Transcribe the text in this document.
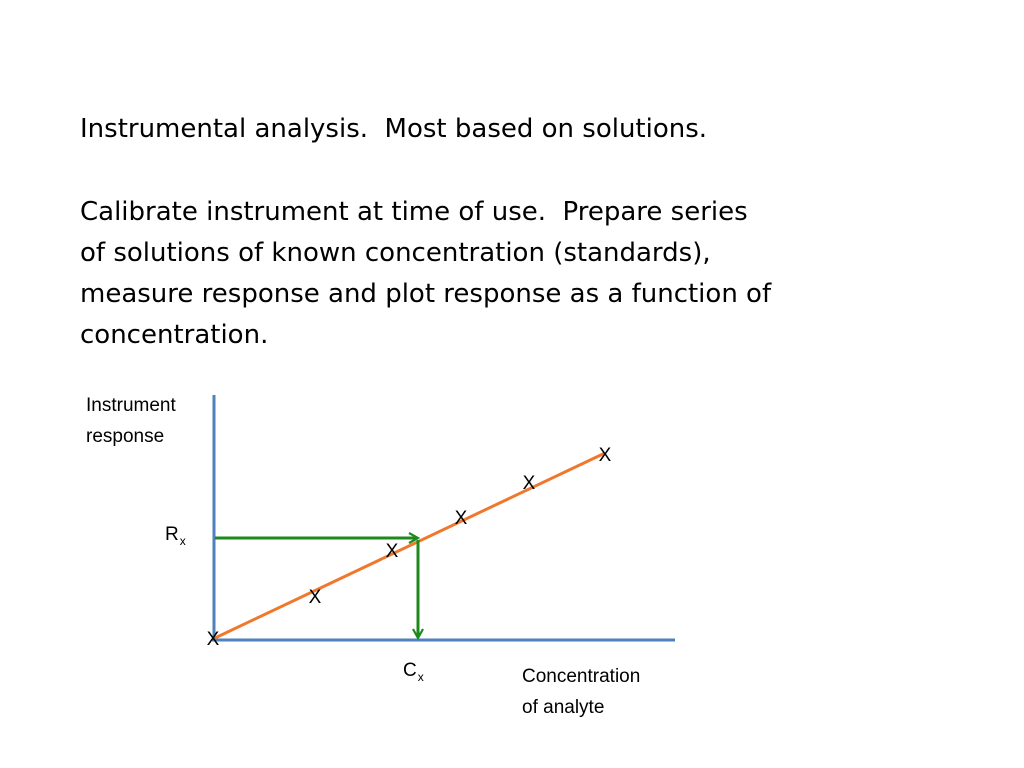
Instrumental analysis.  Most based on solutions.
Calibrate instrument at time of use.  Prepare series
of solutions of known concentration (standards),
measure response and plot response as a function of
concentration.
Instrument
response
Concentration
of analyte
$R_x$
$C_x$
X
X
X
X
X
X
